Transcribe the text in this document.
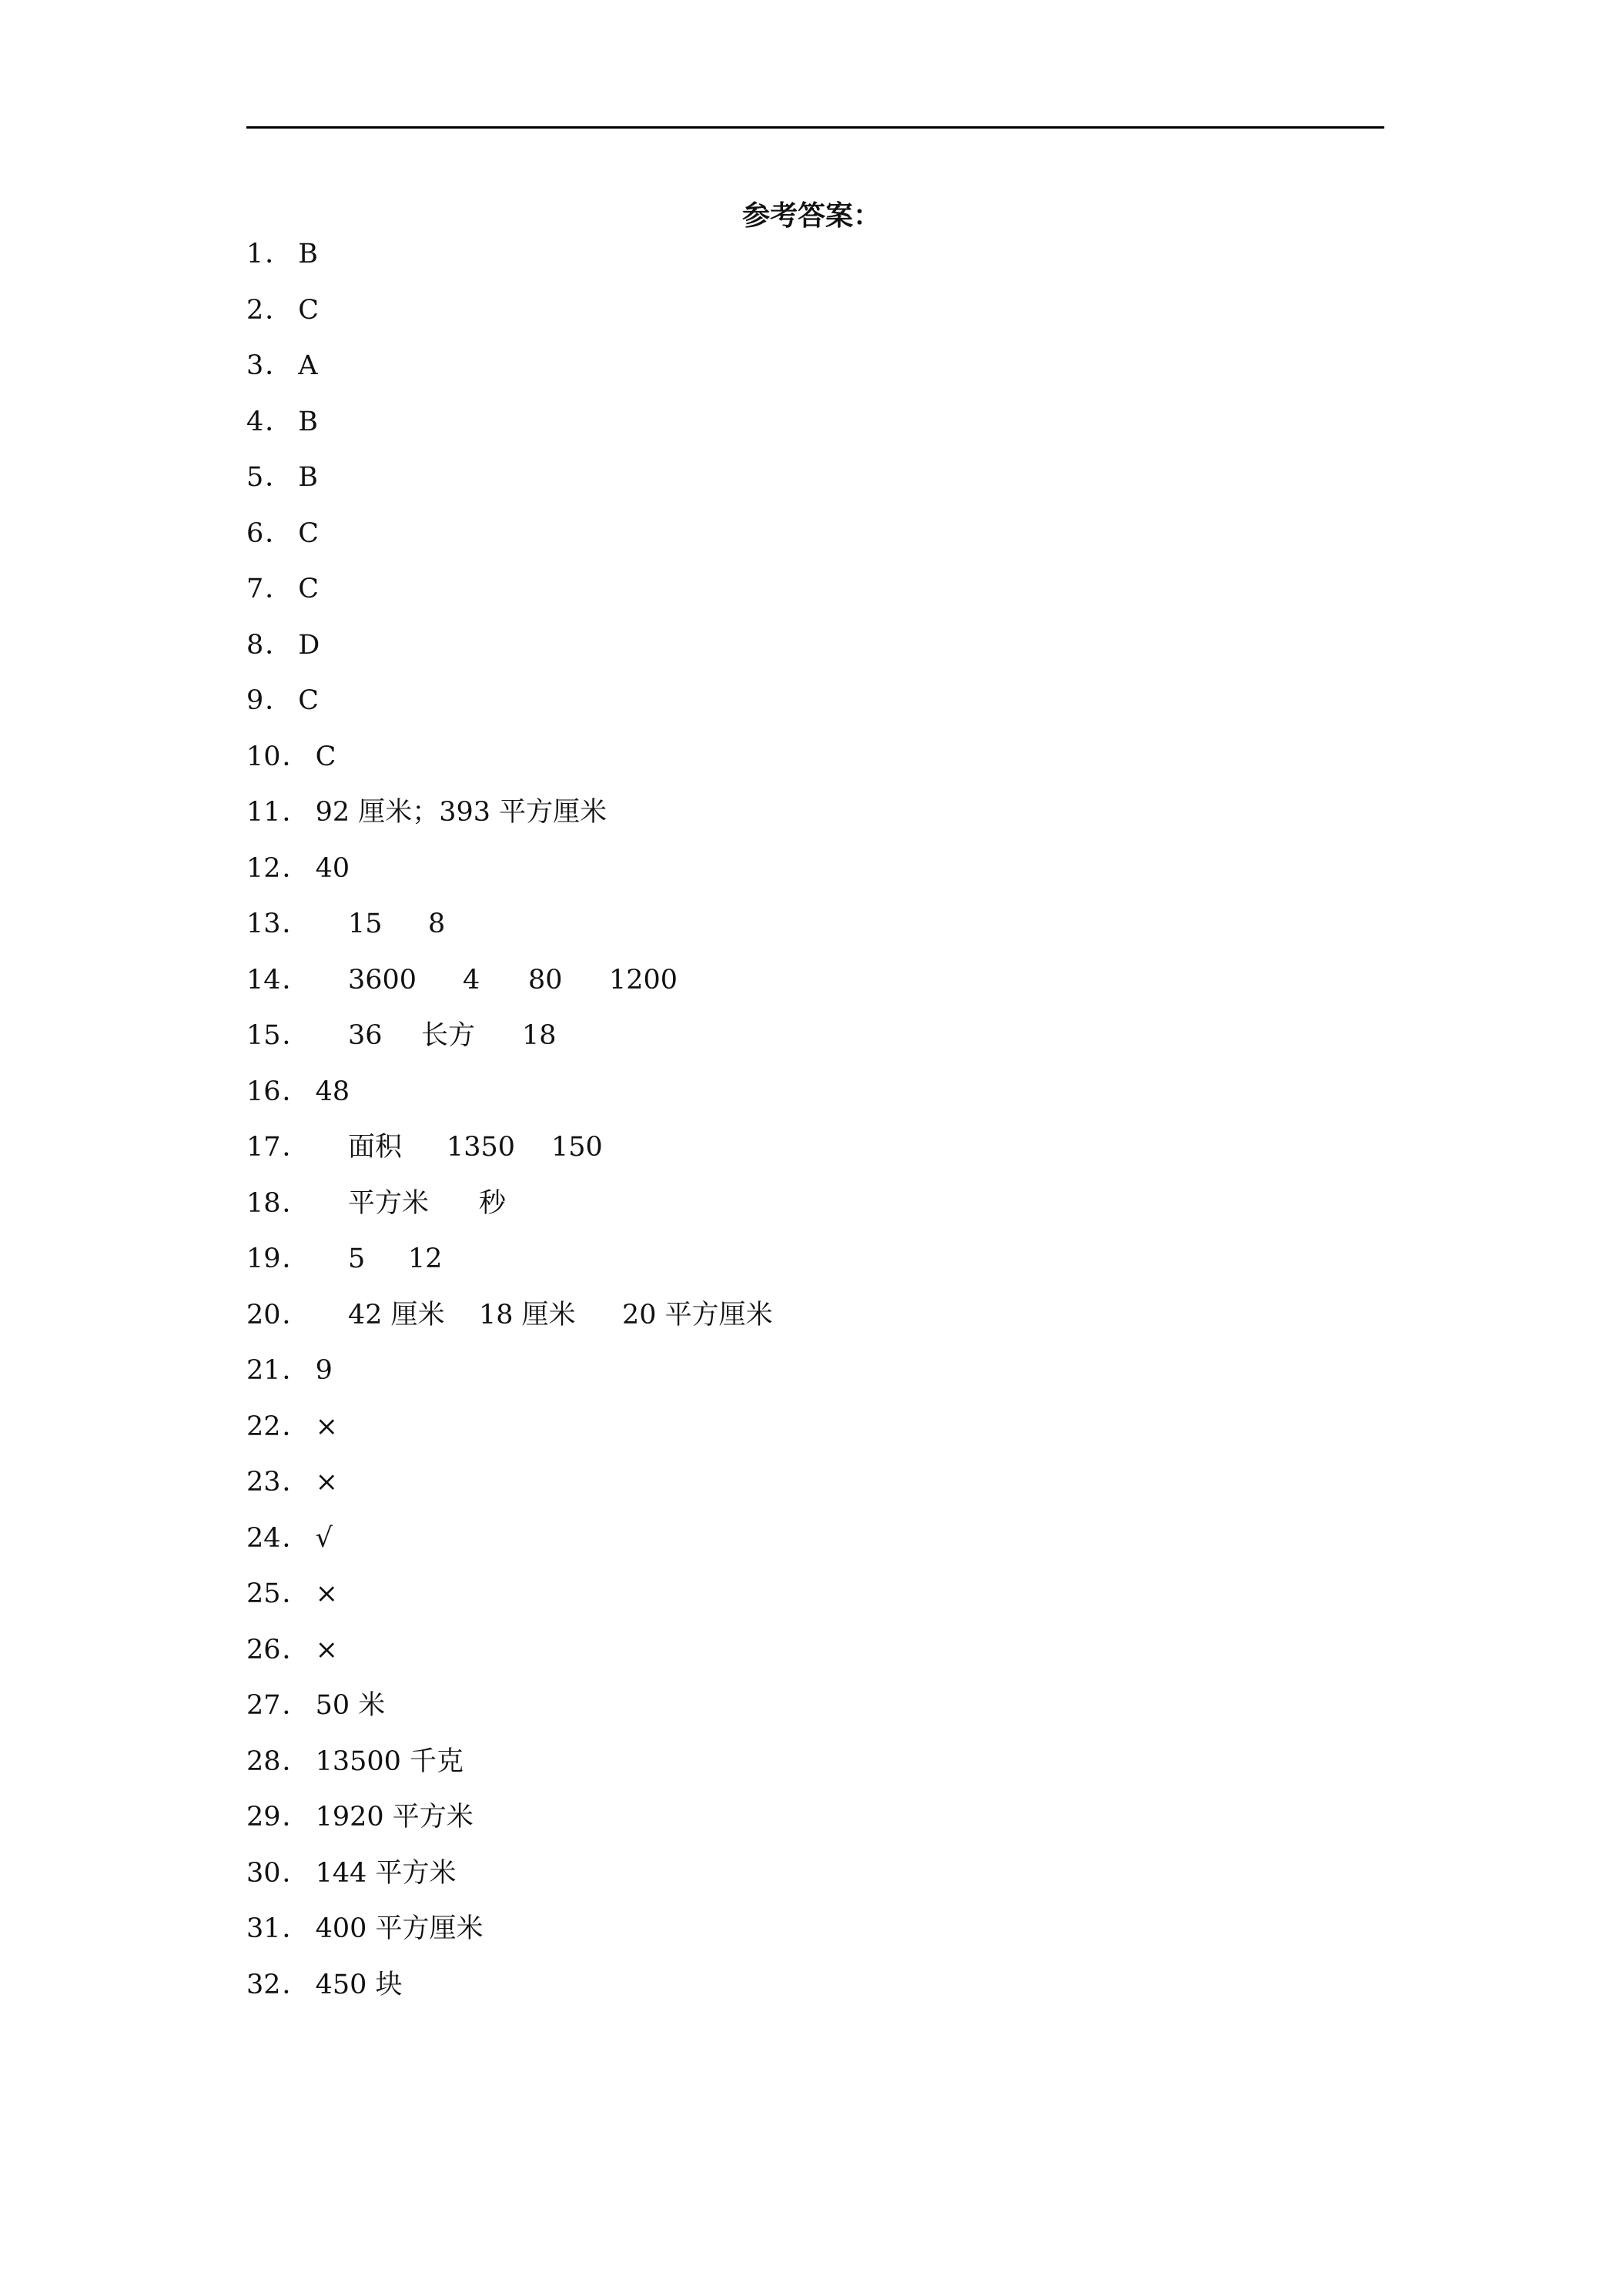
参考答案：
1． B
2． C
3． A
4． B
5． B
6． C
7． C
8． D
9． C
10． C
11． 92 厘米；393 平方厘米
12． 40
13． 15 8
14． 3600 4 80 1200
15． 36 长方 18
16． 48
17． 面积 1350 150
18． 平方米 秒
19． 5 12
20． 42 厘米 18 厘米 20 平方厘米
21． 9
22． ×
23． ×
24． √
25． ×
26． ×
27． 50 米
28． 13500 千克
29． 1920 平方米
30． 144 平方米
31． 400 平方厘米
32． 450 块
